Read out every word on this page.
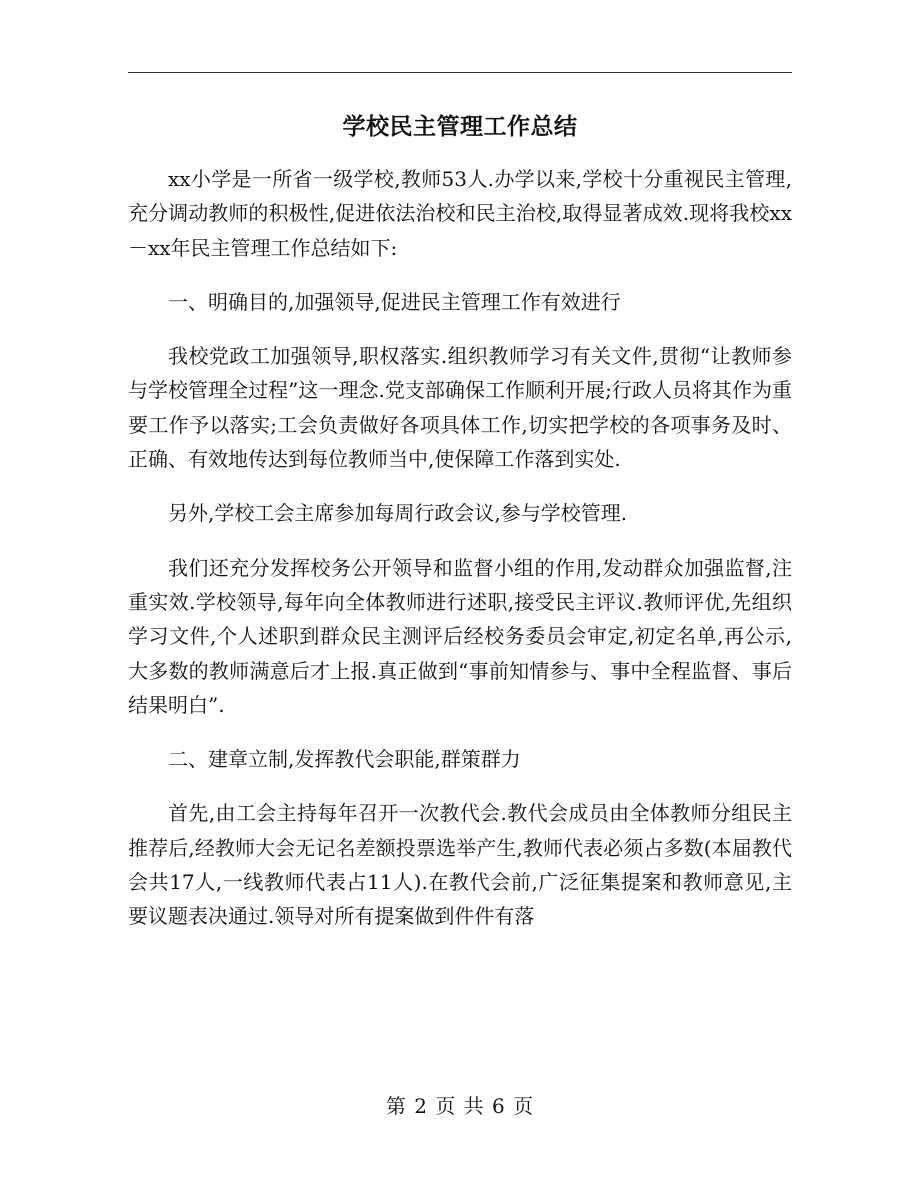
学校民主管理工作总结

xx小学是一所省一级学校,教师53人.办学以来,学校十分重视民主管理,充分调动教师的积极性,促进依法治校和民主治校,取得显著成效.现将我校xx－xx年民主管理工作总结如下:

一、明确目的,加强领导,促进民主管理工作有效进行

我校党政工加强领导,职权落实.组织教师学习有关文件,贯彻“让教师参与学校管理全过程”这一理念.党支部确保工作顺利开展;行政人员将其作为重要工作予以落实;工会负责做好各项具体工作,切实把学校的各项事务及时、正确、有效地传达到每位教师当中,使保障工作落到实处.

另外,学校工会主席参加每周行政会议,参与学校管理.

我们还充分发挥校务公开领导和监督小组的作用,发动群众加强监督,注重实效.学校领导,每年向全体教师进行述职,接受民主评议.教师评优,先组织学习文件,个人述职到群众民主测评后经校务委员会审定,初定名单,再公示,大多数的教师满意后才上报.真正做到“事前知情参与、事中全程监督、事后结果明白”.

二、建章立制,发挥教代会职能,群策群力

首先,由工会主持每年召开一次教代会.教代会成员由全体教师分组民主推荐后,经教师大会无记名差额投票选举产生,教师代表必须占多数(本届教代会共17人,一线教师代表占11人).在教代会前,广泛征集提案和教师意见,主要议题表决通过.领导对所有提案做到件件有落

第 2 页 共 6 页
